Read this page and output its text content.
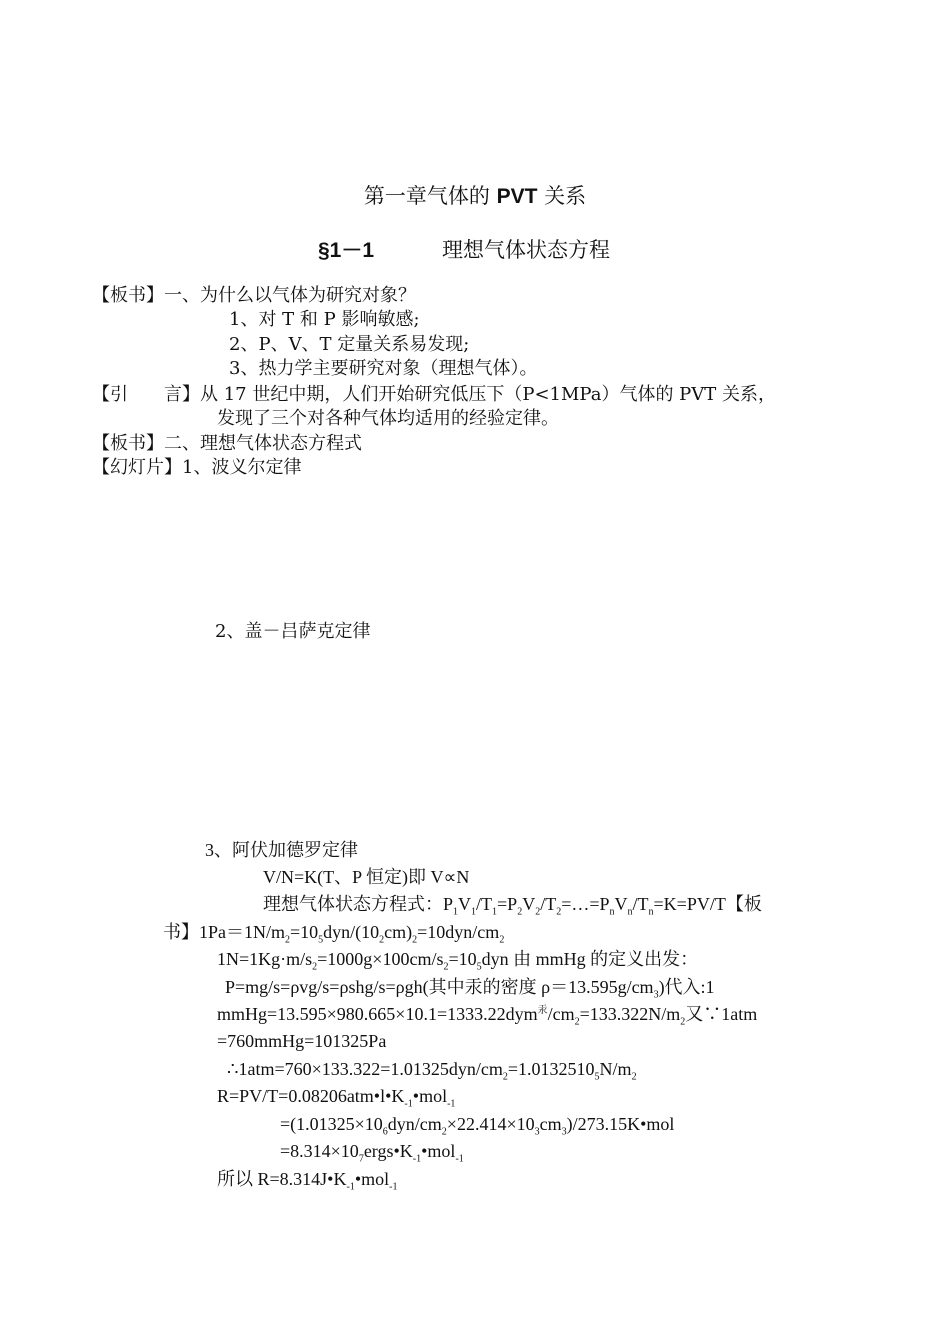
第一章气体的 PVT 关系
§1－1	理想气体状态方程
【板书】一、为什么以气体为研究对象？
1、对 T 和 P 影响敏感;
2、P、V、T 定量关系易发现;
3、热力学主要研究对象（理想气体）。
【引　　言】从 17 世纪中期，人们开始研究低压下（P<1MPa）气体的 PVT 关系，
发现了三个对各种气体均适用的经验定律。
【板书】二、理想气体状态方程式
【幻灯片】1、波义尔定律
2、盖－吕萨克定律
3、阿伏加德罗定律
V/N=K(T、P 恒定)即 V∝N
理想气体状态方程式：$P_1V_1/T_1=P_2V_2/T_2=\dots=P_nV_n/T_n=K=PV/T$【板
书】$1Pa=1N/m_2=10_5dyn/(10_2cm)_2=10dyn/cm_2$
$1N=1Kg\cdot m/s_2=1000g\times 100cm/s_2=10_5dyn$ 由 mmHg 的定义出发：
P=mg/s=ρvg/s=ρshg/s=ρgh(其中汞的密度 $\rho=13.595g/cm_3$)代入:1
$mmHg=13.595\times 980.665\times 10.1=1333.22dym^汞/cm_2=133.322N/m_2$又∵1atm
=760mmHg=101325Pa
$\therefore 1atm=760\times 133.322=1.01325dyn/cm_2=1.0132510_5N/m_2$
$R=PV/T=0.08206atm•l•K_{-1}•mol_{-1}$
$=(1.01325\times 10_6dyn/cm_2\times 22.414\times 10_3cm_3)/273.15K•mol$
$=8.314\times 10_7ergs•K_{-1}•mol_{-1}$
所以 $R=8.314J•K_{-1}•mol_{-1}$
